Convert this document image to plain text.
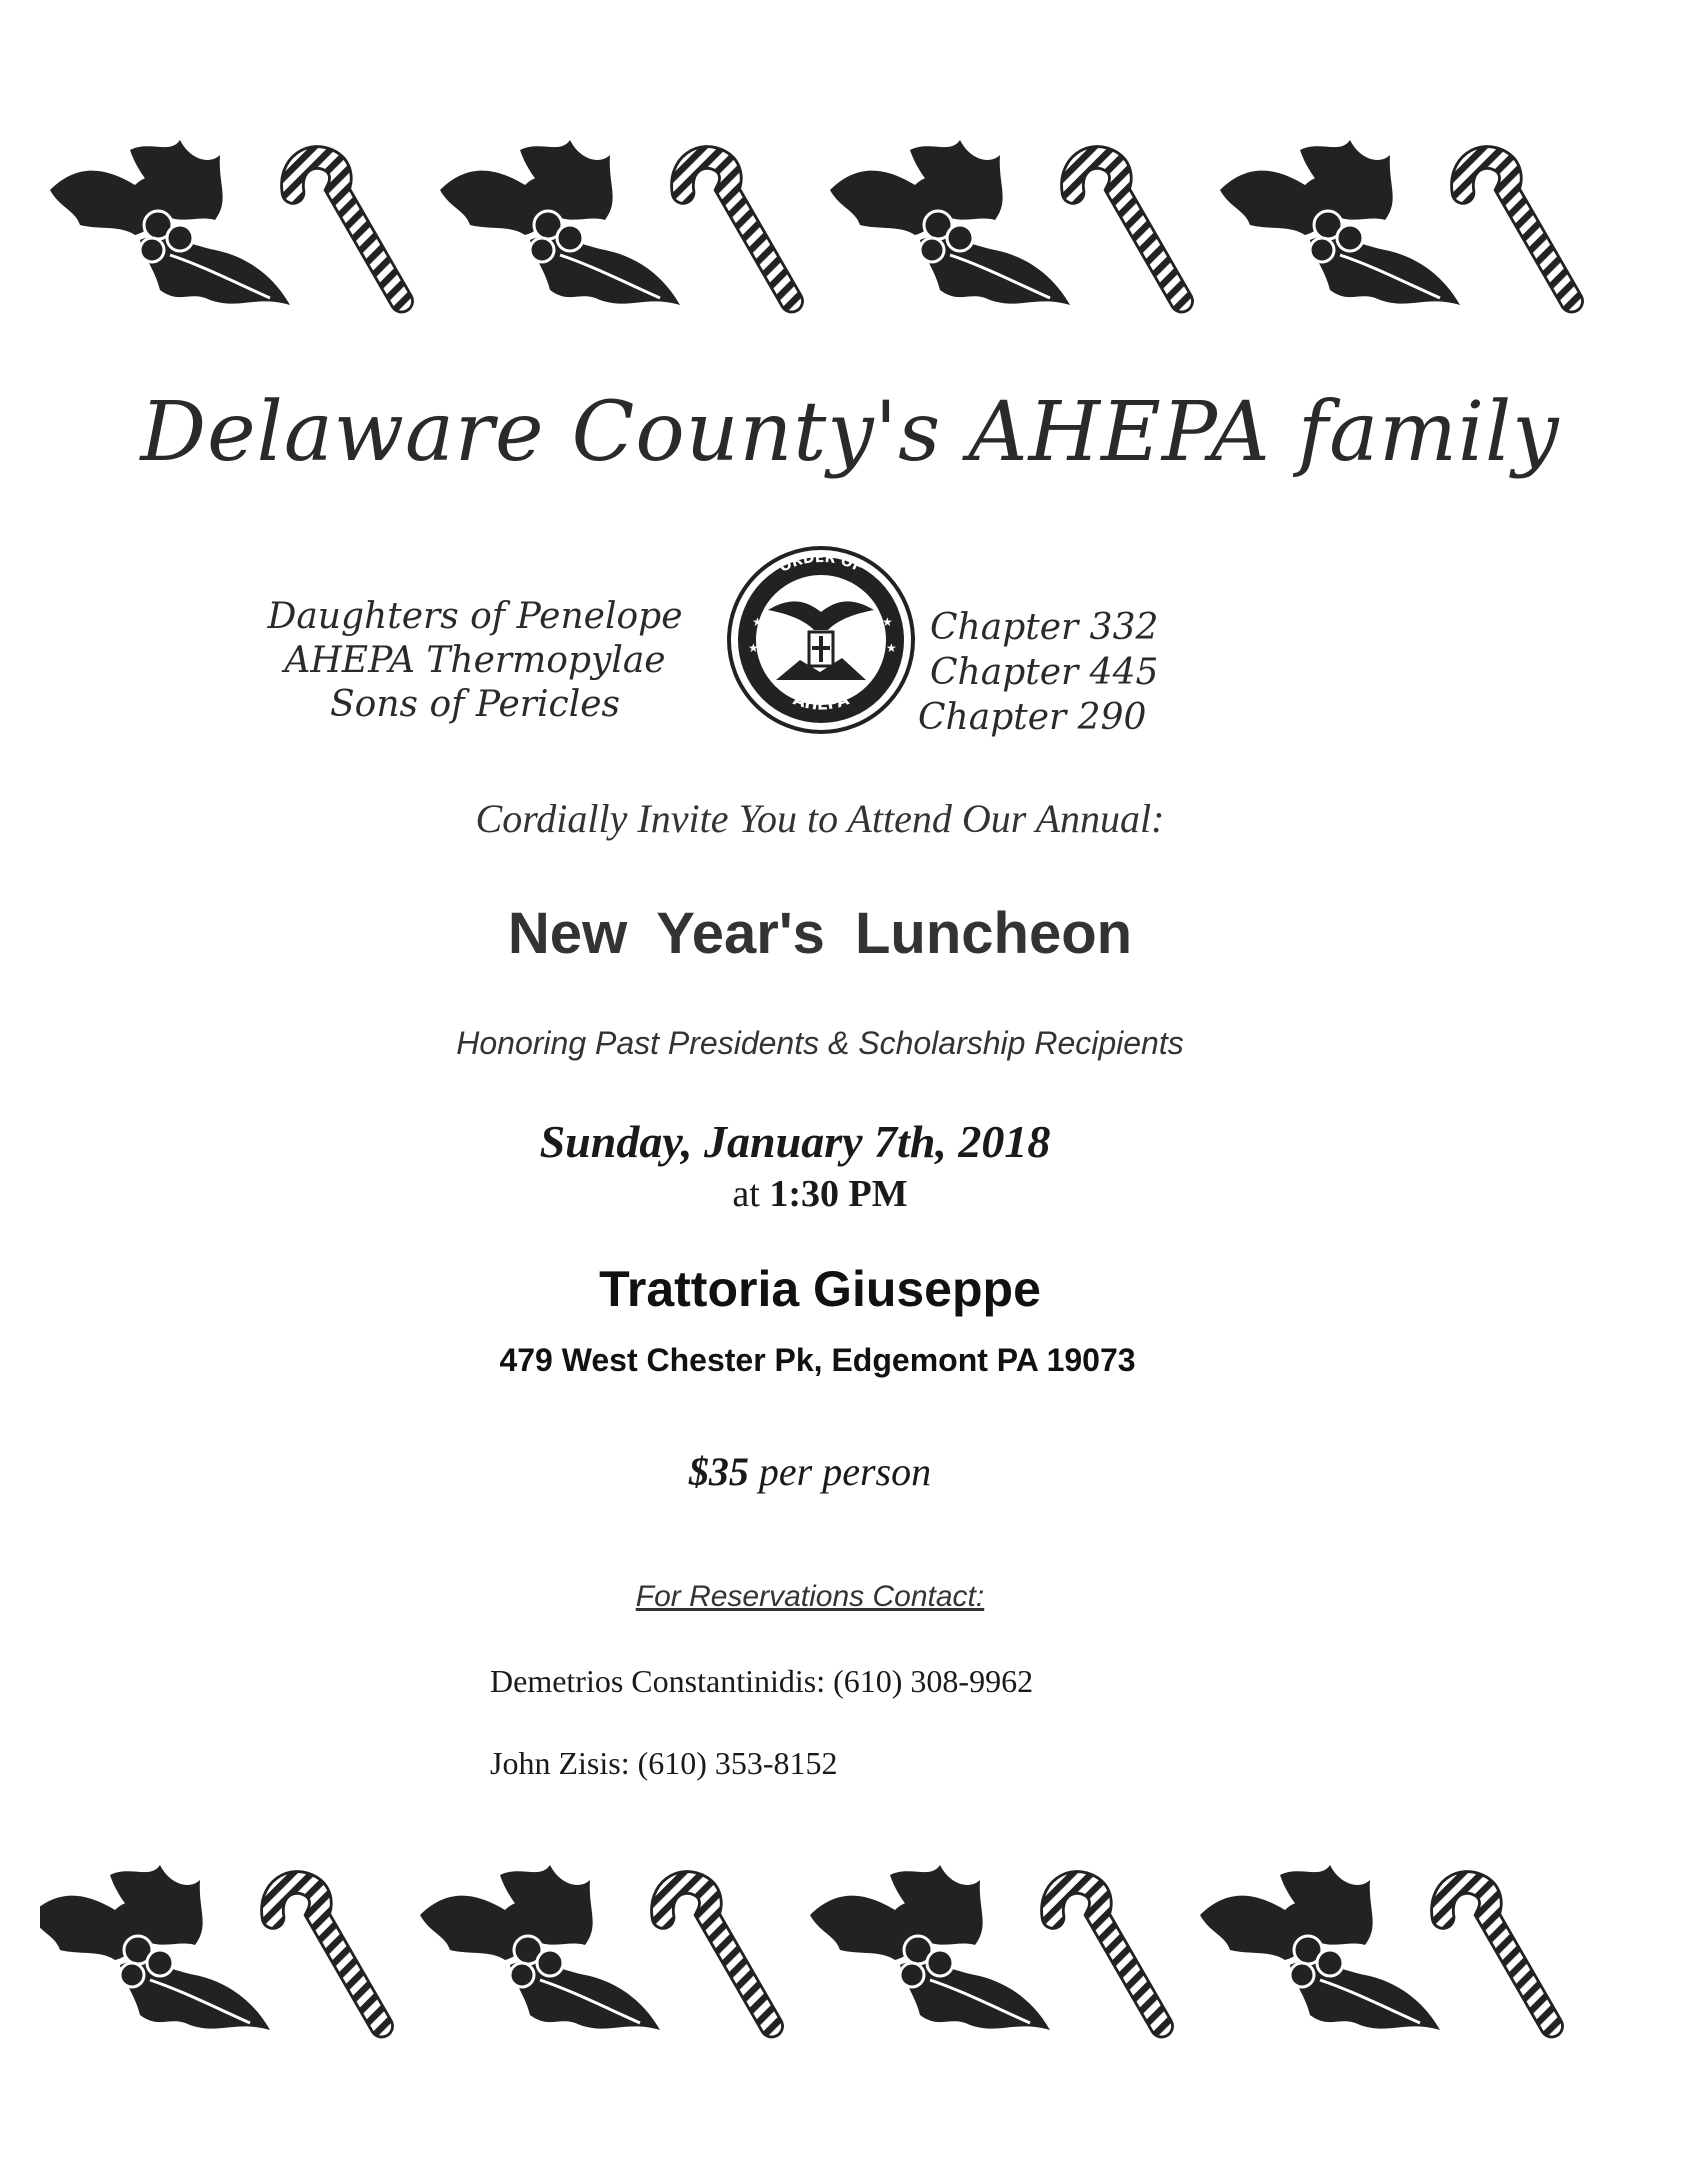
Delaware County's AHEPA family
Daughters of Penelope
AHEPA Thermopylae
Sons of Pericles
ORDER OF
AHEPA
★
★
★
★ Chapter 332
Chapter 445
Chapter 290
Cordially Invite You to Attend Our Annual:
New Year's Luncheon
Honoring Past Presidents & Scholarship Recipients
Sunday, January 7th, 2018
at 1:30 PM
Trattoria Giuseppe
479 West Chester Pk, Edgemont PA 19073
$35 per person
For Reservations Contact:
Demetrios Constantinidis: (610) 308-9962
John Zisis: (610) 353-8152
